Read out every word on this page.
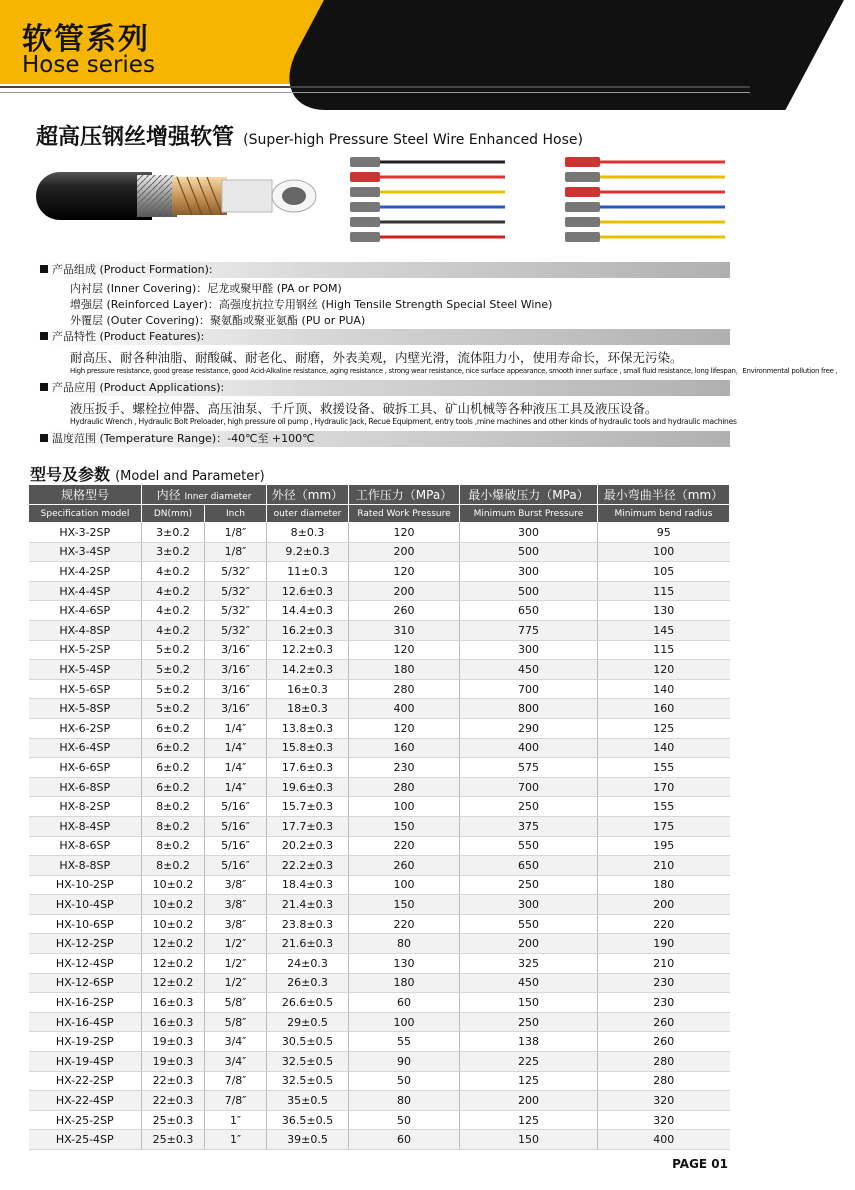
软管系列
Hose series
超高压钢丝增强软管 (Super-high Pressure Steel Wire Enhanced Hose)
产品组成 (Product Formation):
内衬层 (Inner Covering)：尼龙或聚甲醛 (PA or POM)
增强层 (Reinforced Layer)：高强度抗拉专用钢丝 (High Tensile Strength Special Steel Wine)
外覆层 (Outer Covering)：聚氨酯或聚亚氨酯 (PU or PUA)
产品特性 (Product Features):
耐高压、耐各种油脂、耐酸碱、耐老化、耐磨，外表美观，内壁光滑，流体阻力小，使用寿命长，环保无污染。
High pressure resistance, good grease resistance, good Acid-Alkaline resistance, aging resistance , strong wear resistance, nice surface appearance, smooth inner surface , small fluid resistance, long lifespan，Environmental pollution free ,
产品应用 (Product Applications):
液压扳手、螺栓拉伸器、高压油泵、千斤顶、救援设备、破拆工具、矿山机械等各种液压工具及液压设备。
Hydraulic Wrench , Hydraulic Bolt Preloader, high pressure oil pump , Hydraulic Jack, Recue Equipment, entry tools ,mine machines and other kinds of hydraulic tools and hydraulic machines
温度范围 (Temperature Range)：-40℃至 +100℃
型号及参数 (Model and Parameter)
规格型号	内径 Inner diameter		外径（mm）	工作压力（MPa）	最小爆破压力（MPa）	最小弯曲半径（mm）
Specification model	DN(mm)	Inch	outer diameter	Rated Work Pressure	Minimum Burst Pressure	Minimum bend radius
HX-3-2SP	3±0.2	1/8″	8±0.3	120	300	95
HX-3-4SP	3±0.2	1/8″	9.2±0.3	200	500	100
HX-4-2SP	4±0.2	5/32″	11±0.3	120	300	105
HX-4-4SP	4±0.2	5/32″	12.6±0.3	200	500	115
HX-4-6SP	4±0.2	5/32″	14.4±0.3	260	650	130
HX-4-8SP	4±0.2	5/32″	16.2±0.3	310	775	145
HX-5-2SP	5±0.2	3/16″	12.2±0.3	120	300	115
HX-5-4SP	5±0.2	3/16″	14.2±0.3	180	450	120
HX-5-6SP	5±0.2	3/16″	16±0.3	280	700	140
HX-5-8SP	5±0.2	3/16″	18±0.3	400	800	160
HX-6-2SP	6±0.2	1/4″	13.8±0.3	120	290	125
HX-6-4SP	6±0.2	1/4″	15.8±0.3	160	400	140
HX-6-6SP	6±0.2	1/4″	17.6±0.3	230	575	155
HX-6-8SP	6±0.2	1/4″	19.6±0.3	280	700	170
HX-8-2SP	8±0.2	5/16″	15.7±0.3	100	250	155
HX-8-4SP	8±0.2	5/16″	17.7±0.3	150	375	175
HX-8-6SP	8±0.2	5/16″	20.2±0.3	220	550	195
HX-8-8SP	8±0.2	5/16″	22.2±0.3	260	650	210
HX-10-2SP	10±0.2	3/8″	18.4±0.3	100	250	180
HX-10-4SP	10±0.2	3/8″	21.4±0.3	150	300	200
HX-10-6SP	10±0.2	3/8″	23.8±0.3	220	550	220
HX-12-2SP	12±0.2	1/2″	21.6±0.3	80	200	190
HX-12-4SP	12±0.2	1/2″	24±0.3	130	325	210
HX-12-6SP	12±0.2	1/2″	26±0.3	180	450	230
HX-16-2SP	16±0.3	5/8″	26.6±0.5	60	150	230
HX-16-4SP	16±0.3	5/8″	29±0.5	100	250	260
HX-19-2SP	19±0.3	3/4″	30.5±0.5	55	138	260
HX-19-4SP	19±0.3	3/4″	32.5±0.5	90	225	280
HX-22-2SP	22±0.3	7/8″	32.5±0.5	50	125	280
HX-22-4SP	22±0.3	7/8″	35±0.5	80	200	320
HX-25-2SP	25±0.3	1″	36.5±0.5	50	125	320
HX-25-4SP	25±0.3	1″	39±0.5	60	150	400
PAGE 01
